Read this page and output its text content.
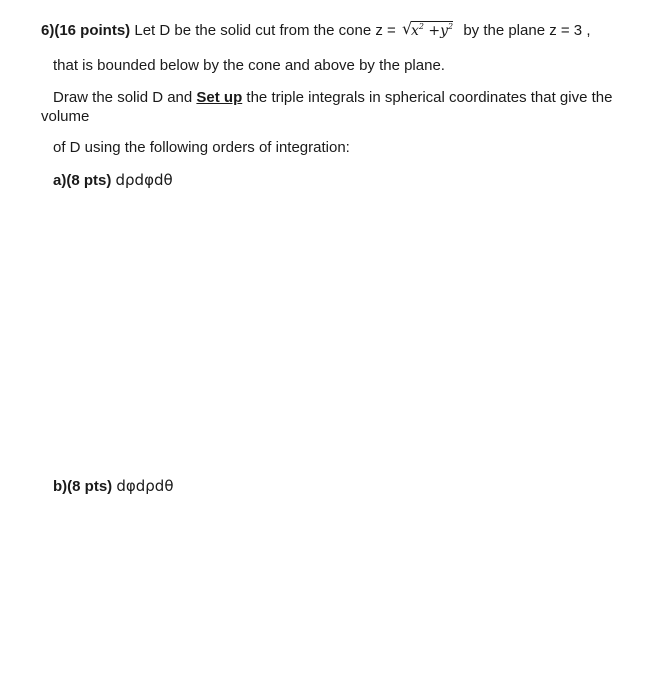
6)(16 points) Let D be the solid cut from the cone z = √
$x^2 +y^2$ by the plane z = 3 ,
that is bounded below by the cone and above by the plane.
Draw the solid D and Set up the triple integrals in spherical coordinates that give the
volume
of D using the following orders of integration:
a)(8 pts) dρdφdθ
b)(8 pts) dφdρdθ
